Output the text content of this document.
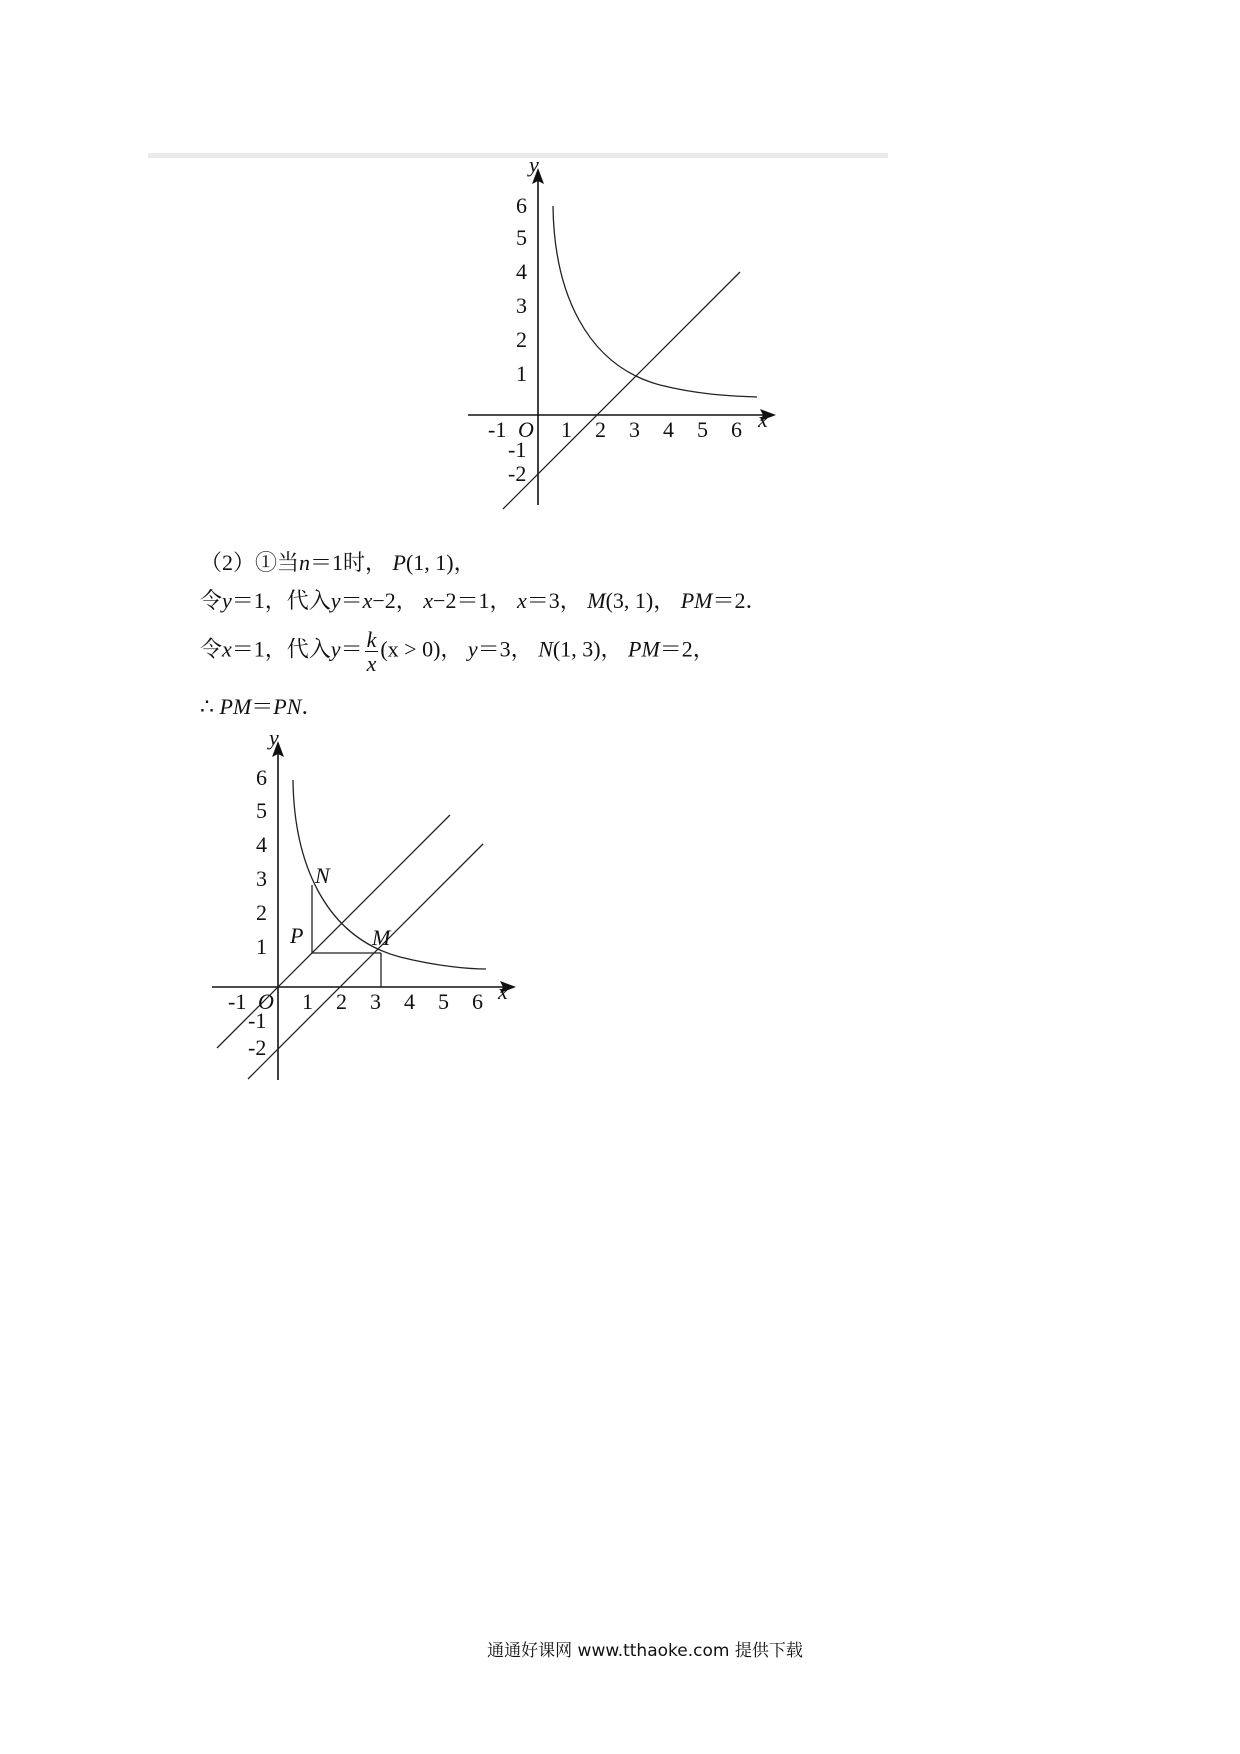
y
x
O
-1 1 2 3 4 5 6
6
5
4
3
2
1
-1
-2
（2）①当n＝1时， P(1, 1)，
令y＝1，代入y＝x−2， x−2＝1， x＝3， M(3, 1)， PM＝2．
令x＝1，代入$y= \frac{k}{x} (x > 0)$， y＝3， N(1, 3)， PM＝2，
∴ PM＝PN．
N
P	M
y
x
O
-1	1 2 3 4 5 6
6
5
4
3
2
1
-1
-2
通通好课网 www.tthaoke.com 提供下载
